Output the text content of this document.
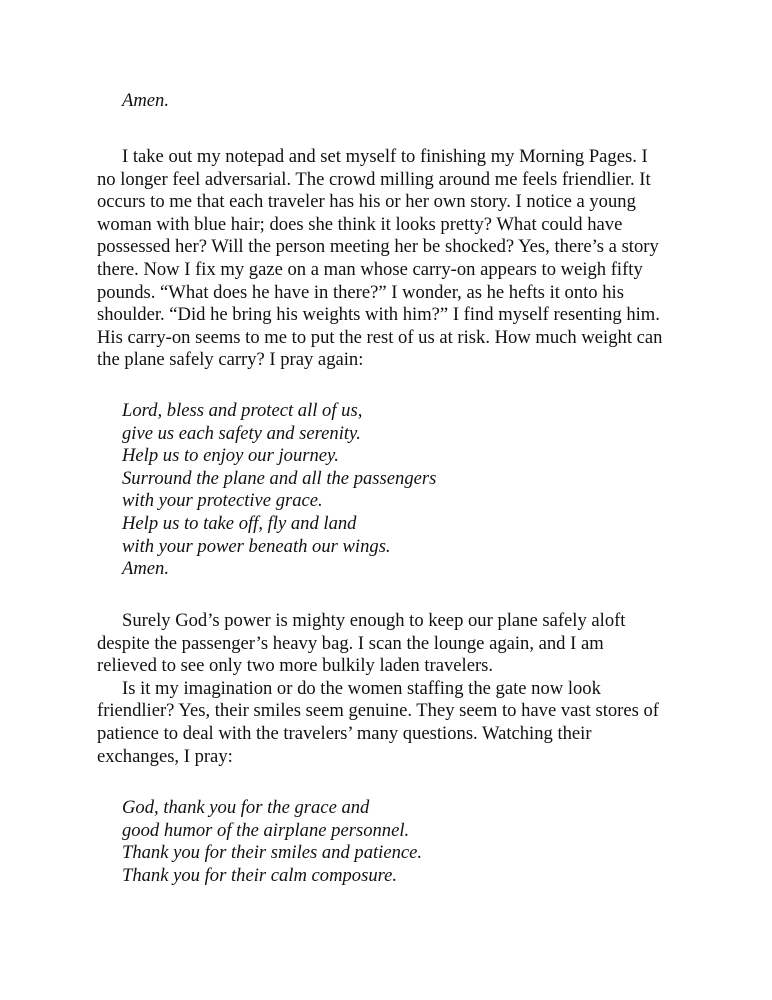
Amen.
I take out my notepad and set myself to finishing my Morning Pages. I
no longer feel adversarial. The crowd milling around me feels friendlier. It
occurs to me that each traveler has his or her own story. I notice a young
woman with blue hair; does she think it looks pretty? What could have
possessed her? Will the person meeting her be shocked? Yes, there’s a story
there. Now I fix my gaze on a man whose carry-on appears to weigh fifty
pounds. “What does he have in there?” I wonder, as he hefts it onto his
shoulder. “Did he bring his weights with him?” I find myself resenting him.
His carry-on seems to me to put the rest of us at risk. How much weight can
the plane safely carry? I pray again:
Lord, bless and protect all of us,
give us each safety and serenity.
Help us to enjoy our journey.
Surround the plane and all the passengers
with your protective grace.
Help us to take off, fly and land
with your power beneath our wings.
Amen.
Surely God’s power is mighty enough to keep our plane safely aloft
despite the passenger’s heavy bag. I scan the lounge again, and I am
relieved to see only two more bulkily laden travelers.
Is it my imagination or do the women staffing the gate now look
friendlier? Yes, their smiles seem genuine. They seem to have vast stores of
patience to deal with the travelers’ many questions. Watching their
exchanges, I pray:
God, thank you for the grace and
good humor of the airplane personnel.
Thank you for their smiles and patience.
Thank you for their calm composure.
